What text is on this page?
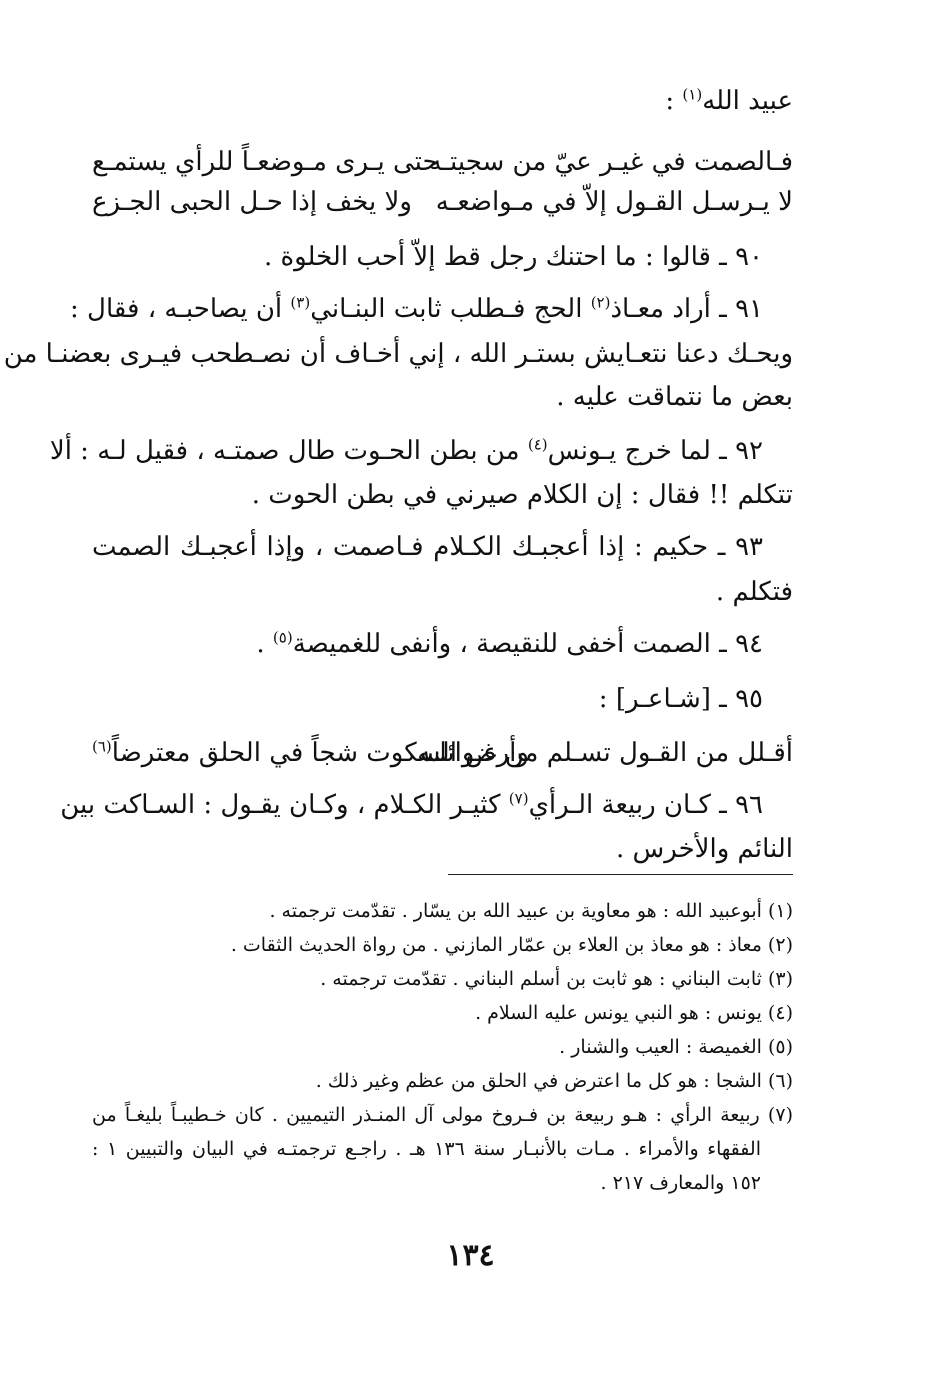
عبيد الله$^{(١)}$ :
فـالصمت في غيـر عيّ من سجيتـه
حتى يـرى مـوضعـاً للرأي يستمـع
لا يـرسـل القـول إلاّ في مـواضعـه
ولا يخف إذا حـل الحبى الجـزع
٩٠ ـ قالوا : ما احتنك رجل قط إلاّ أحب الخلوة .
٩١ ـ أراد معـاذ$^{(٢)}$ الحج فـطلب ثابت البنـاني$^{(٣)}$ أن يصاحبـه ، فقال :
ويحـك دعنا نتعـايش بستـر الله ، إني أخـاف أن نصـطحب فيـرى بعضنـا من
بعض ما نتماقت عليه .
٩٢ ـ لما خرج يـونس$^{(٤)}$ من بطن الحـوت طال صمتـه ، فقيل لـه : ألا
تتكلم !! فقال : إن الكلام صيرني في بطن الحوت .
٩٣ ـ حكيم : إذا أعجبـك الكـلام فـاصمت ، وإذا أعجبـك الصمت
فتكلم .
٩٤ ـ الصمت أخفى للنقيصة ، وأنفى للغميصة$^{(٥)}$ .
٩٥ ـ [شـاعـر] :
أقـلل من القـول تسـلم من غـوائلـه
وأرض السكوت شجاً في الحلق معترضاً$^{(٦)}$
٩٦ ـ كـان ربيعة الـرأي$^{(٧)}$ كثيـر الكـلام ، وكـان يقـول : السـاكت بين
النائم والأخرس .
(١) أبوعبيد الله : هو معاوية بن عبيد الله بن يسّار . تقدّمت ترجمته .
(٢) معاذ : هو معاذ بن العلاء بن عمّار المازني . من رواة الحديث الثقات .
(٣) ثابت البناني : هو ثابت بن أسلم البناني . تقدّمت ترجمته .
(٤) يونس : هو النبي يونس عليه السلام .
(٥) الغميصة : العيب والشنار .
(٦) الشجا : هو كل ما اعترض في الحلق من عظم وغير ذلك .
(٧) ربيعة الرأي : هـو ربيعة بن فـروخ مولى آل المنـذر التيميين . كان خـطيبـاً بليغـاً من
الفقهاء والأمراء . مـات بالأنبـار سنة ١٣٦ هـ . راجـع ترجمتـه في البيان والتبيين ١ :
١٥٢ والمعارف ٢١٧ .
١٣٤
